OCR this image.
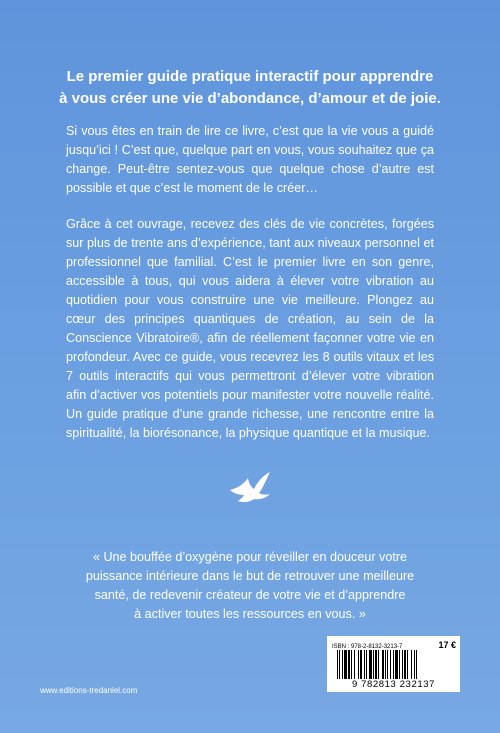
Le premier guide pratique interactif pour apprendre
à vous créer une vie d’abondance, d’amour et de joie.

Si vous êtes en train de lire ce livre, c’est que la vie vous a guidé jusqu’ici ! C’est que, quelque part en vous, vous souhaitez que ça change. Peut-être sentez-vous que quelque chose d’autre est possible et que c’est le moment de le créer…

Grâce à cet ouvrage, recevez des clés de vie concrètes, forgées sur plus de trente ans d’expérience, tant aux niveaux personnel et professionnel que familial. C’est le premier livre en son genre, accessible à tous, qui vous aidera à élever votre vibration au quotidien pour vous construire une vie meilleure. Plongez au cœur des principes quantiques de création, au sein de la Conscience Vibratoire®, afin de réellement façonner votre vie en profondeur. Avec ce guide, vous recevrez les 8 outils vitaux et les 7 outils interactifs qui vous permettront d’élever votre vibration afin d’activer vos potentiels pour manifester votre nouvelle réalité. Un guide pratique d’une grande richesse, une rencontre entre la spiritualité, la biorésonance, la physique quantique et la musique.

« Une bouffée d’oxygène pour réveiller en douceur votre
puissance intérieure dans le but de retrouver une meilleure
santé, de redevenir créateur de votre vie et d’apprendre
à activer toutes les ressources en vous. »
ISBN : 978-2-8132-3213-7	17 €
9 782813 232137
www.editions-tredaniel.com
